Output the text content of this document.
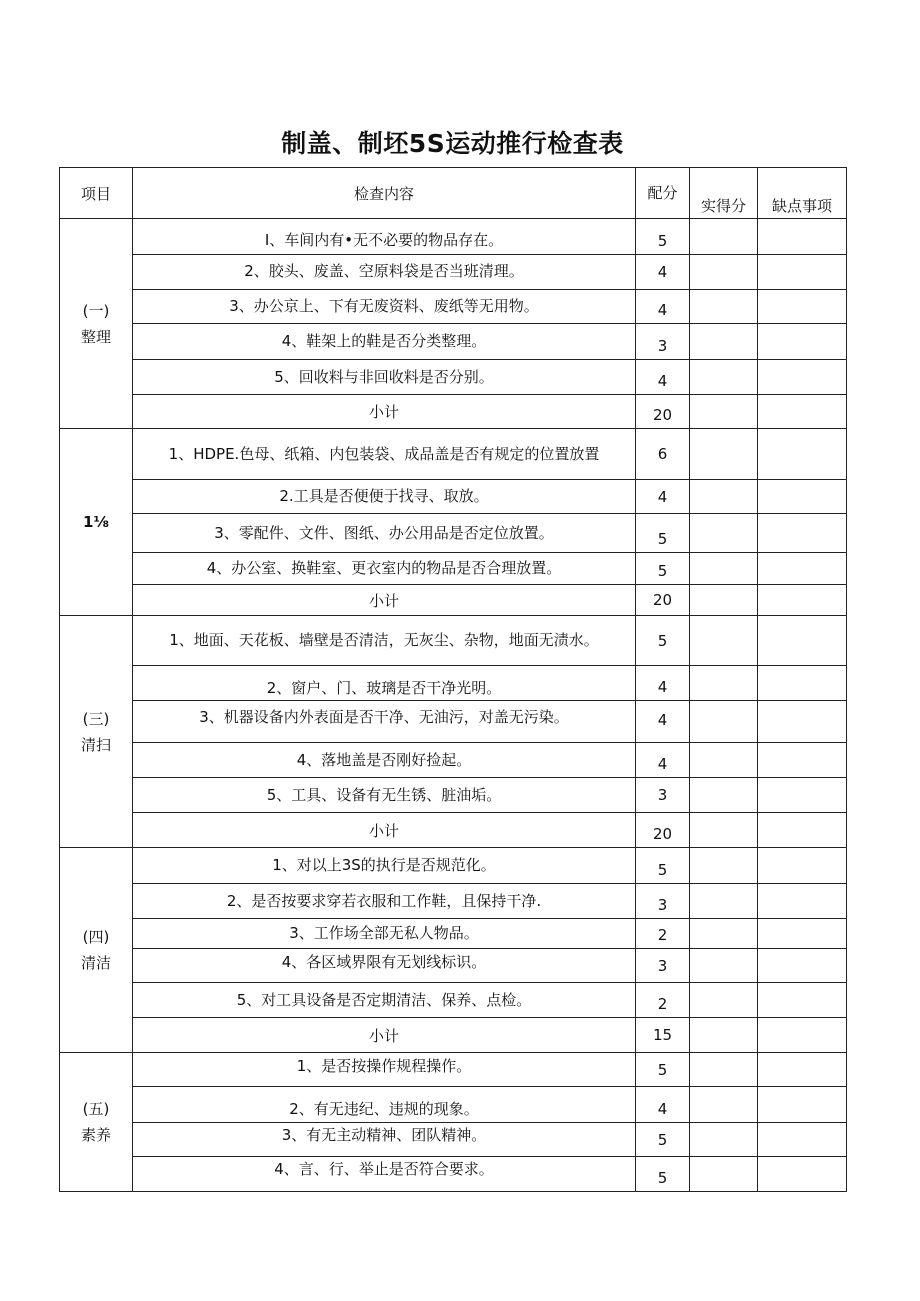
制盖、制坯5S运动推行检查表
项目	检查内容	配分	实得分	缺点事项

(一)
整理	I、车间内有•无不必要的物品存在。	5		
	2、胶头、废盖、空原料袋是否当班清理。	4		
	3、办公京上、下有无废资料、废纸等无用物。	4		
	4、鞋架上的鞋是否分类整理。	3		
	5、回收料与非回收料是否分别。	4		
	小计	20		
1⅛	1、HDPE.色母、纸箱、内包装袋、成品盖是否有规定的位置放置	6		
	2.工具是否便便于找寻、取放。	4		
	3、零配件、文件、图纸、办公用品是否定位放置。	5		
	4、办公室、换鞋室、更衣室内的物品是否合理放置。	5		
	小计	20		

(三)
清扫	1、地面、天花板、墙壁是否清洁，无灰尘、杂物，地面无渍水。	5		
	2、窗户、门、玻璃是否干净光明。	4		
	3、机器设备内外表面是否干净、无油污，对盖无污染。	4		
	4、落地盖是否刚好捡起。	4		
	5、工具、设备有无生锈、脏油垢。	3		
	小计	20		

(四)
清洁	1、对以上3S的执行是否规范化。	5		
	2、是否按要求穿若衣服和工作鞋，且保持干净.	3		
	3、工作场全部无私人物品。	2		
	4、各区域界限有无划线标识。	3		
	5、对工具设备是否定期清洁、保养、点检。	2		
	小计	15		

(五)
素养	1、是否按操作规程操作。	5		
	2、有无违纪、违规的现象。	4		
	3、有无主动精神、团队精神。	5		
	4、言、行、举止是否符合要求。	5		
